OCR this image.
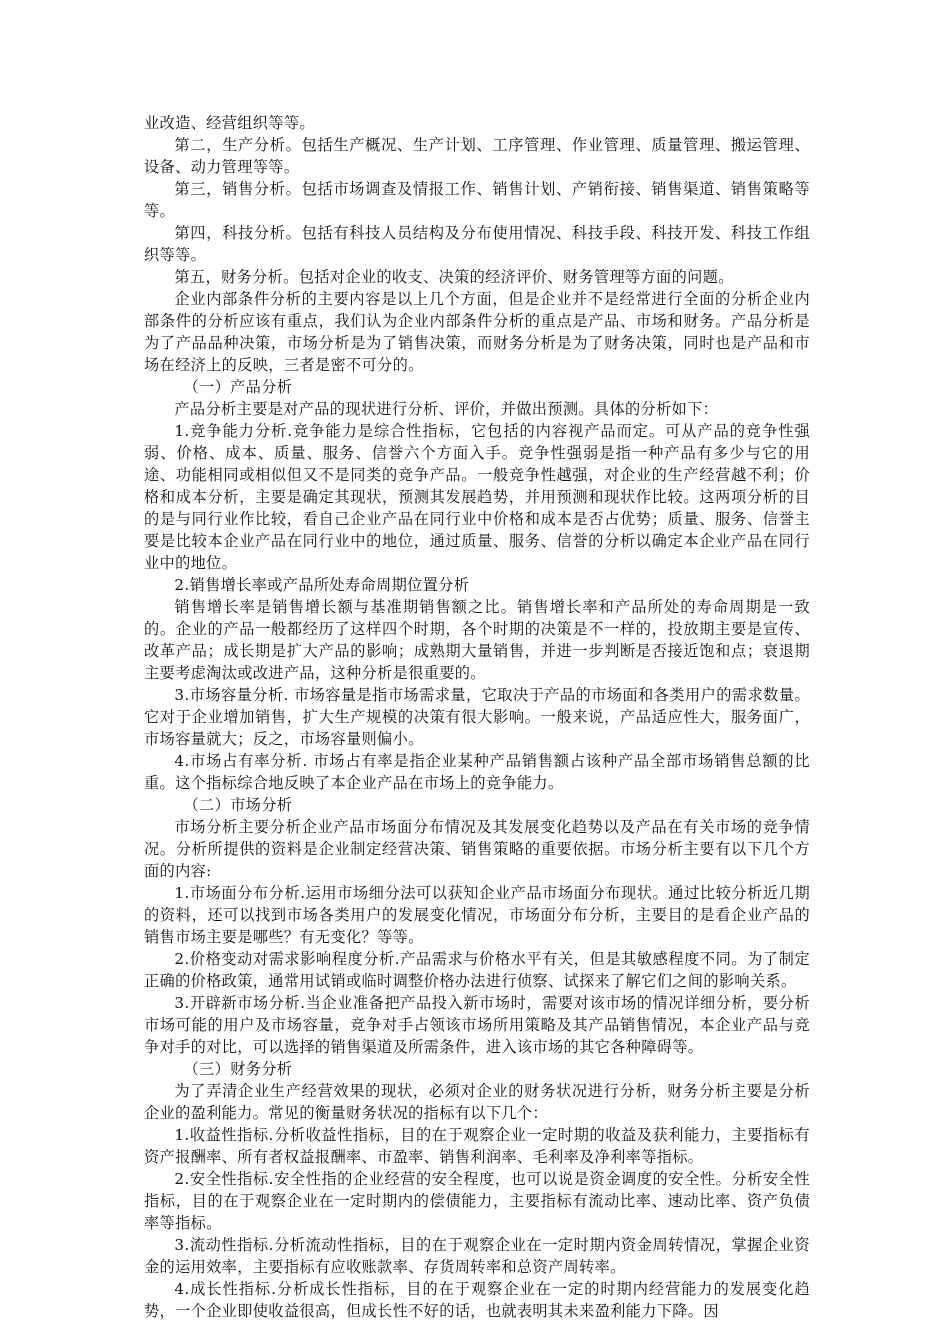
业改造、经营组织等等。

第二，生产分析。包括生产概况、生产计划、工序管理、作业管理、质量管理、搬运管理、设备、动力管理等等。

第三，销售分析。包括市场调查及情报工作、销售计划、产销衔接、销售渠道、销售策略等等。

第四，科技分析。包括有科技人员结构及分布使用情况、科技手段、科技开发、科技工作组织等等。

第五，财务分析。包括对企业的收支、决策的经济评价、财务管理等方面的问题。

企业内部条件分析的主要内容是以上几个方面，但是企业并不是经常进行全面的分析企业内部条件的分析应该有重点，我们认为企业内部条件分析的重点是产品、市场和财务。产品分析是为了产品品种决策，市场分析是为了销售决策，而财务分析是为了财务决策，同时也是产品和市场在经济上的反映，三者是密不可分的。

（一）产品分析

产品分析主要是对产品的现状进行分析、评价，并做出预测。具体的分析如下：

1.竞争能力分析.竞争能力是综合性指标，它包括的内容视产品而定。可从产品的竞争性强弱、价格、成本、质量、服务、信誉六个方面入手。竞争性强弱是指一种产品有多少与它的用途、功能相同或相似但又不是同类的竞争产品。一般竞争性越强，对企业的生产经营越不利；价格和成本分析，主要是确定其现状，预测其发展趋势，并用预测和现状作比较。这两项分析的目的是与同行业作比较，看自己企业产品在同行业中价格和成本是否占优势；质量、服务、信誉主要是比较本企业产品在同行业中的地位，通过质量、服务、信誉的分析以确定本企业产品在同行业中的地位。

2.销售增长率或产品所处寿命周期位置分析

销售增长率是销售增长额与基准期销售额之比。销售增长率和产品所处的寿命周期是一致的。企业的产品一般都经历了这样四个时期，各个时期的决策是不一样的，投放期主要是宣传、改革产品；成长期是扩大产品的影响；成熟期大量销售，并进一步判断是否接近饱和点；衰退期主要考虑淘汰或改进产品，这种分析是很重要的。

3.市场容量分析. 市场容量是指市场需求量，它取决于产品的市场面和各类用户的需求数量。它对于企业增加销售，扩大生产规模的决策有很大影响。一般来说，产品适应性大，服务面广，市场容量就大；反之，市场容量则偏小。

4.市场占有率分析. 市场占有率是指企业某种产品销售额占该种产品全部市场销售总额的比重。这个指标综合地反映了本企业产品在市场上的竞争能力。

（二）市场分析

市场分析主要分析企业产品市场面分布情况及其发展变化趋势以及产品在有关市场的竞争情况。分析所提供的资料是企业制定经营决策、销售策略的重要依据。市场分析主要有以下几个方面的内容:

1.市场面分布分析.运用市场细分法可以获知企业产品市场面分布现状。通过比较分析近几期的资料，还可以找到市场各类用户的发展变化情况，市场面分布分析，主要目的是看企业产品的销售市场主要是哪些？有无变化？等等。

2.价格变动对需求影响程度分析.产品需求与价格水平有关，但是其敏感程度不同。为了制定正确的价格政策，通常用试销或临时调整价格办法进行侦察、试探来了解它们之间的影响关系。

3.开辟新市场分析.当企业准备把产品投入新市场时，需要对该市场的情况详细分析，要分析市场可能的用户及市场容量，竞争对手占领该市场所用策略及其产品销售情况，本企业产品与竞争对手的对比，可以选择的销售渠道及所需条件，进入该市场的其它各种障碍等。

（三）财务分析

为了弄清企业生产经营效果的现状，必须对企业的财务状况进行分析，财务分析主要是分析企业的盈利能力。常见的衡量财务状况的指标有以下几个：

1.收益性指标.分析收益性指标，目的在于观察企业一定时期的收益及获利能力，主要指标有资产报酬率、所有者权益报酬率、市盈率、销售利润率、毛利率及净利率等指标。

2.安全性指标.安全性指的企业经营的安全程度，也可以说是资金调度的安全性。分析安全性指标，目的在于观察企业在一定时期内的偿债能力，主要指标有流动比率、速动比率、资产负债率等指标。

3.流动性指标.分析流动性指标，目的在于观察企业在一定时期内资金周转情况，掌握企业资金的运用效率，主要指标有应收账款率、存货周转率和总资产周转率。

4.成长性指标.分析成长性指标，目的在于观察企业在一定的时期内经营能力的发展变化趋势，一个企业即使收益很高，但成长性不好的话，也就表明其未来盈利能力下降。因
